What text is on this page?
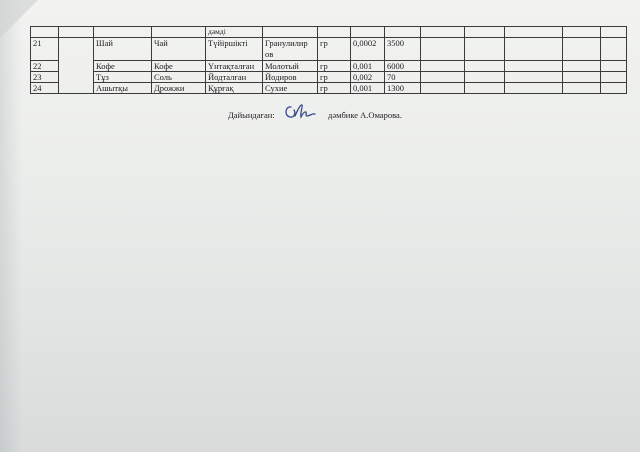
				дәмді									
21		Шай	Чай	Түйіршікті	Гранулилир ов	гр	0,0002	3500					
22		Кофе	Кофе	Үнтақталған	Молотый	гр	0,001	6000					
23		Тұз	Соль	Йодталған	Йодиров	гр	0,002	70					
24		Ашытқы	Дрожжи	Құрғақ	Сухие	гр	0,001	1300					
Дайындаған:	дәмбике А.Омарова.
